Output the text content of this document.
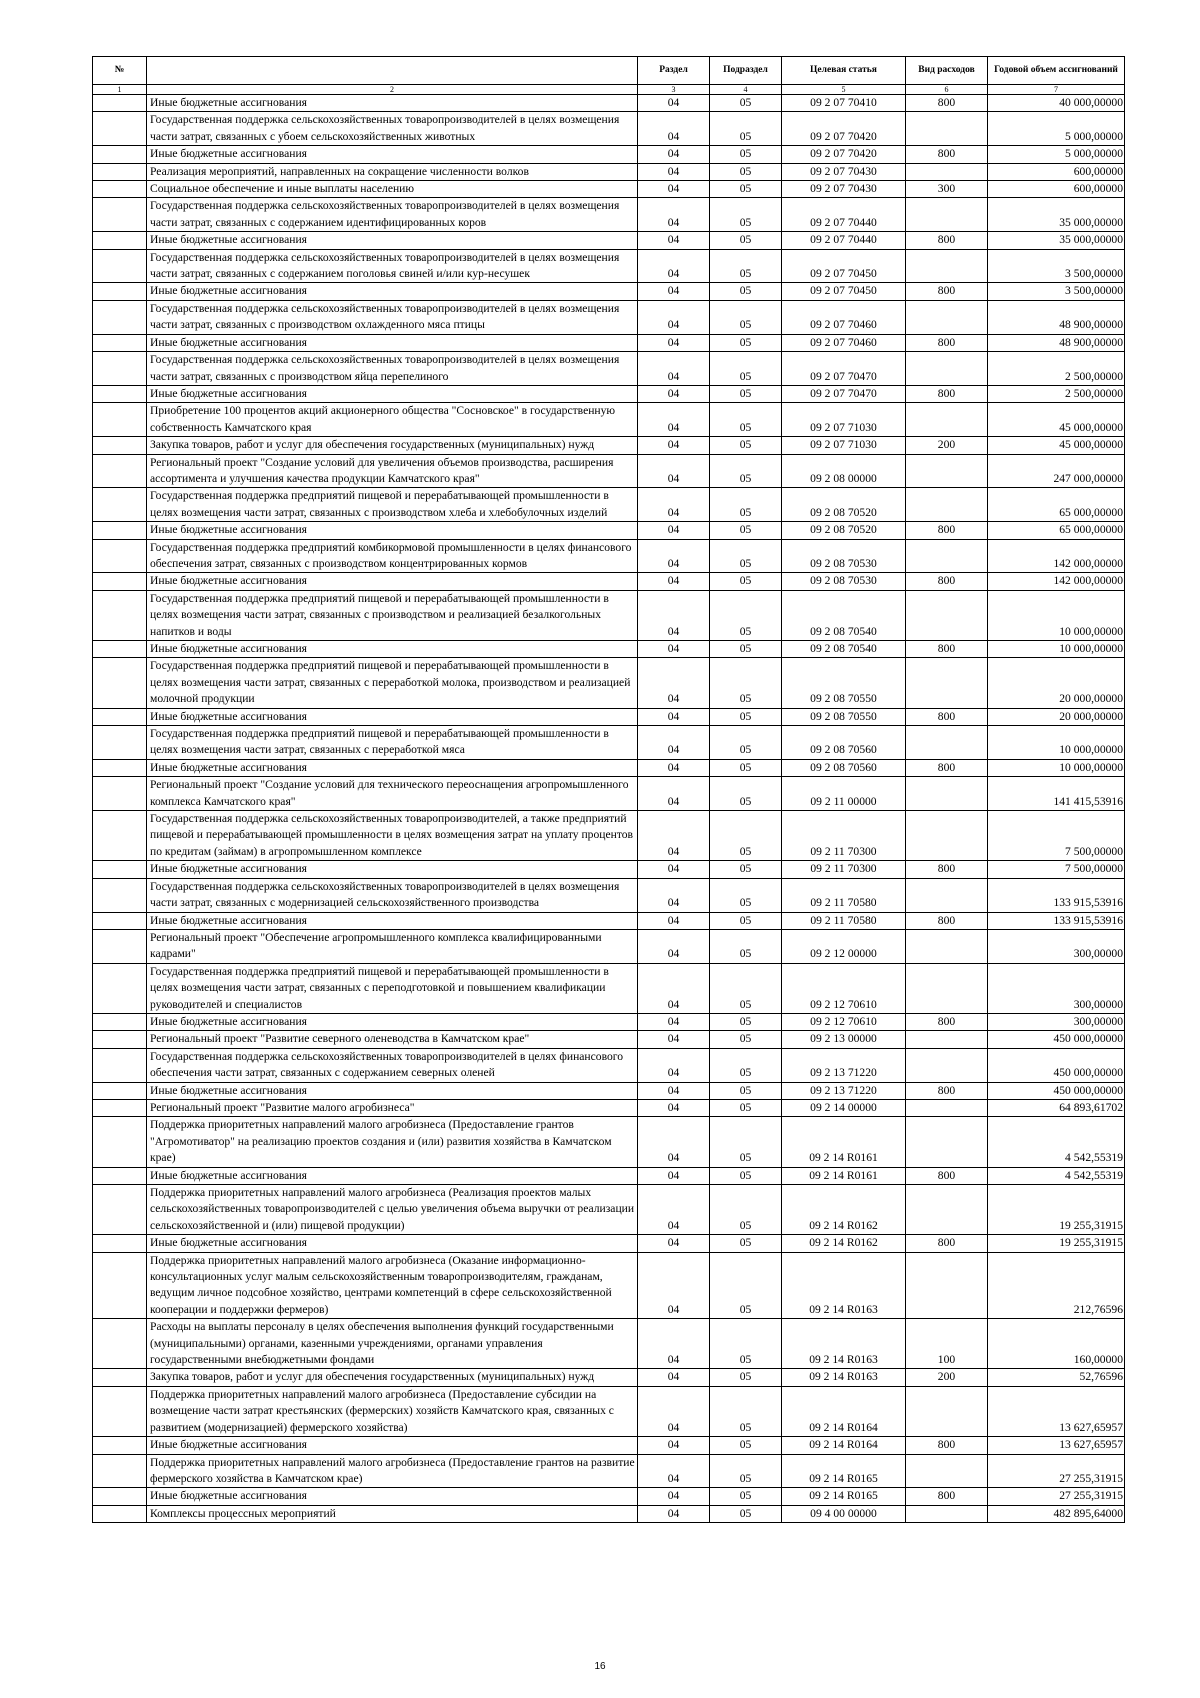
№		Раздел	Подраздел	Целевая статья	Вид расходов	Годовой объем ассигнований
1	2	3	4	5	6	7
	Иные бюджетные ассигнования	04	05	09 2 07 70410	800	40 000,00000
	Государственная поддержка сельскохозяйственных товаропроизводителей в целях возмещения части затрат, связанных с убоем сельскохозяйственных животных	04	05	09 2 07 70420		5 000,00000
	Иные бюджетные ассигнования	04	05	09 2 07 70420	800	5 000,00000
	Реализация мероприятий, направленных на сокращение численности волков	04	05	09 2 07 70430		600,00000
	Социальное обеспечение и иные выплаты населению	04	05	09 2 07 70430	300	600,00000
	Государственная поддержка сельскохозяйственных товаропроизводителей в целях возмещения части затрат, связанных с содержанием идентифицированных коров	04	05	09 2 07 70440		35 000,00000
	Иные бюджетные ассигнования	04	05	09 2 07 70440	800	35 000,00000
	Государственная поддержка сельскохозяйственных товаропроизводителей в целях возмещения части затрат, связанных с содержанием поголовья свиней и/или кур-несушек	04	05	09 2 07 70450		3 500,00000
	Иные бюджетные ассигнования	04	05	09 2 07 70450	800	3 500,00000
	Государственная поддержка сельскохозяйственных товаропроизводителей в целях возмещения части затрат, связанных с производством охлажденного мяса птицы	04	05	09 2 07 70460		48 900,00000
	Иные бюджетные ассигнования	04	05	09 2 07 70460	800	48 900,00000
	Государственная поддержка сельскохозяйственных товаропроизводителей в целях возмещения части затрат, связанных с производством яйца перепелиного	04	05	09 2 07 70470		2 500,00000
	Иные бюджетные ассигнования	04	05	09 2 07 70470	800	2 500,00000
	Приобретение 100 процентов акций акционерного общества "Сосновское" в государственную собственность Камчатского края	04	05	09 2 07 71030		45 000,00000
	Закупка товаров, работ и услуг для обеспечения государственных (муниципальных) нужд	04	05	09 2 07 71030	200	45 000,00000
	Региональный проект "Создание условий для увеличения объемов производства, расширения ассортимента и улучшения качества продукции Камчатского края"	04	05	09 2 08 00000		247 000,00000
	Государственная поддержка предприятий пищевой и перерабатывающей промышленности в целях возмещения части затрат, связанных с производством хлеба и хлебобулочных изделий	04	05	09 2 08 70520		65 000,00000
	Иные бюджетные ассигнования	04	05	09 2 08 70520	800	65 000,00000
	Государственная поддержка предприятий комбикормовой промышленности в целях финансового обеспечения затрат, связанных с производством концентрированных кормов	04	05	09 2 08 70530		142 000,00000
	Иные бюджетные ассигнования	04	05	09 2 08 70530	800	142 000,00000
	Государственная поддержка предприятий пищевой и перерабатывающей промышленности в целях возмещения части затрат, связанных с производством и реализацией безалкогольных напитков и воды	04	05	09 2 08 70540		10 000,00000
	Иные бюджетные ассигнования	04	05	09 2 08 70540	800	10 000,00000
	Государственная поддержка предприятий пищевой и перерабатывающей промышленности в целях возмещения части затрат, связанных с переработкой молока, производством и реализацией молочной продукции	04	05	09 2 08 70550		20 000,00000
	Иные бюджетные ассигнования	04	05	09 2 08 70550	800	20 000,00000
	Государственная поддержка предприятий пищевой и перерабатывающей промышленности в целях возмещения части затрат, связанных с переработкой мяса	04	05	09 2 08 70560		10 000,00000
	Иные бюджетные ассигнования	04	05	09 2 08 70560	800	10 000,00000
	Региональный проект "Создание условий для технического переоснащения агропромышленного комплекса Камчатского края"	04	05	09 2 11 00000		141 415,53916
	Государственная поддержка сельскохозяйственных товаропроизводителей, а также предприятий пищевой и перерабатывающей промышленности в целях возмещения затрат на уплату процентов по кредитам (займам) в агропромышленном комплексе	04	05	09 2 11 70300		7 500,00000
	Иные бюджетные ассигнования	04	05	09 2 11 70300	800	7 500,00000
	Государственная поддержка сельскохозяйственных товаропроизводителей в целях возмещения части затрат, связанных с модернизацией сельскохозяйственного производства	04	05	09 2 11 70580		133 915,53916
	Иные бюджетные ассигнования	04	05	09 2 11 70580	800	133 915,53916
	Региональный проект "Обеспечение агропромышленного комплекса квалифицированными кадрами"	04	05	09 2 12 00000		300,00000
	Государственная поддержка предприятий пищевой и перерабатывающей промышленности в целях возмещения части затрат, связанных с переподготовкой и повышением квалификации руководителей и специалистов	04	05	09 2 12 70610		300,00000
	Иные бюджетные ассигнования	04	05	09 2 12 70610	800	300,00000
	Региональный проект "Развитие северного оленеводства в Камчатском крае"	04	05	09 2 13 00000		450 000,00000
	Государственная поддержка сельскохозяйственных товаропроизводителей в целях финансового обеспечения части затрат, связанных с содержанием северных оленей	04	05	09 2 13 71220		450 000,00000
	Иные бюджетные ассигнования	04	05	09 2 13 71220	800	450 000,00000
	Региональный проект "Развитие малого агробизнеса"	04	05	09 2 14 00000		64 893,61702
	Поддержка приоритетных направлений малого агробизнеса (Предоставление грантов "Агромотиватор" на реализацию проектов создания и (или) развития хозяйства в Камчатском крае)	04	05	09 2 14 R0161		4 542,55319
	Иные бюджетные ассигнования	04	05	09 2 14 R0161	800	4 542,55319
	Поддержка приоритетных направлений малого агробизнеса (Реализация проектов малых сельскохозяйственных товаропроизводителей с целью увеличения объема выручки от реализации сельскохозяйственной и (или) пищевой продукции)	04	05	09 2 14 R0162		19 255,31915
	Иные бюджетные ассигнования	04	05	09 2 14 R0162	800	19 255,31915
	Поддержка приоритетных направлений малого агробизнеса (Оказание информационно-консультационных услуг малым сельскохозяйственным товаропроизводителям, гражданам, ведущим личное подсобное хозяйство, центрами компетенций в сфере сельскохозяйственной кооперации и поддержки фермеров)	04	05	09 2 14 R0163		212,76596
	Расходы на выплаты персоналу в целях обеспечения выполнения функций государственными (муниципальными) органами, казенными учреждениями, органами управления государственными внебюджетными фондами	04	05	09 2 14 R0163	100	160,00000
	Закупка товаров, работ и услуг для обеспечения государственных (муниципальных) нужд	04	05	09 2 14 R0163	200	52,76596
	Поддержка приоритетных направлений малого агробизнеса (Предоставление субсидии на возмещение части затрат крестьянских (фермерских) хозяйств Камчатского края, связанных с развитием (модернизацией) фермерского хозяйства)	04	05	09 2 14 R0164		13 627,65957
	Иные бюджетные ассигнования	04	05	09 2 14 R0164	800	13 627,65957
	Поддержка приоритетных направлений малого агробизнеса (Предоставление грантов на развитие фермерского хозяйства в Камчатском крае)	04	05	09 2 14 R0165		27 255,31915
	Иные бюджетные ассигнования	04	05	09 2 14 R0165	800	27 255,31915
	Комплексы процессных мероприятий	04	05	09 4 00 00000		482 895,64000
16
